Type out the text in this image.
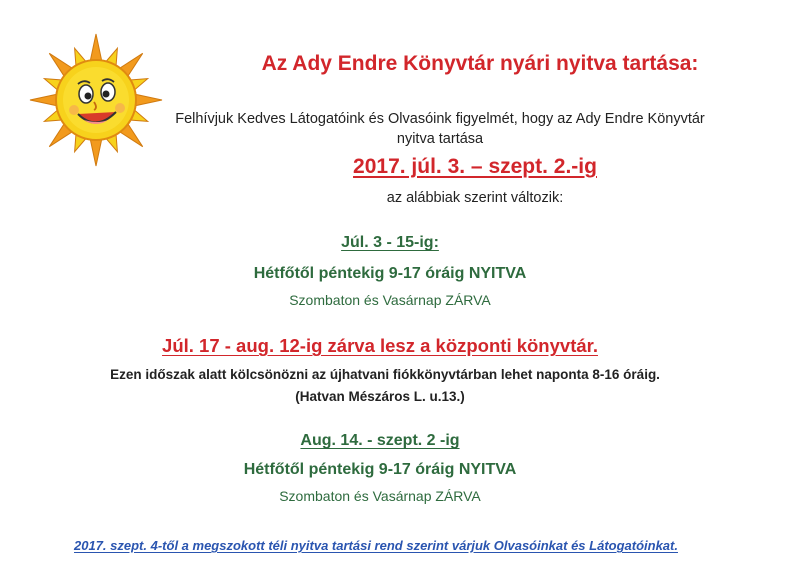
Az Ady Endre Könyvtár nyári nyitva tartása:
Felhívjuk Kedves Látogatóink és Olvasóink figyelmét, hogy az Ady Endre Könyvtár
nyitva tartása
2017. júl. 3. – szept. 2.-ig
az alábbiak szerint változik:
Júl. 3 - 15-ig:
Hétfőtől péntekig 9-17 óráig NYITVA
Szombaton és Vasárnap ZÁRVA
Júl. 17 - aug. 12-ig zárva lesz a központi könyvtár.
Ezen időszak alatt kölcsönözni az újhatvani fiókkönyvtárban lehet naponta 8-16 óráig.
(Hatvan Mészáros L. u.13.)
Aug. 14. - szept. 2 -ig
Hétfőtől péntekig 9-17 óráig NYITVA
Szombaton és Vasárnap ZÁRVA
2017. szept. 4-től a megszokott téli nyitva tartási rend szerint várjuk Olvasóinkat és Látogatóinkat.
